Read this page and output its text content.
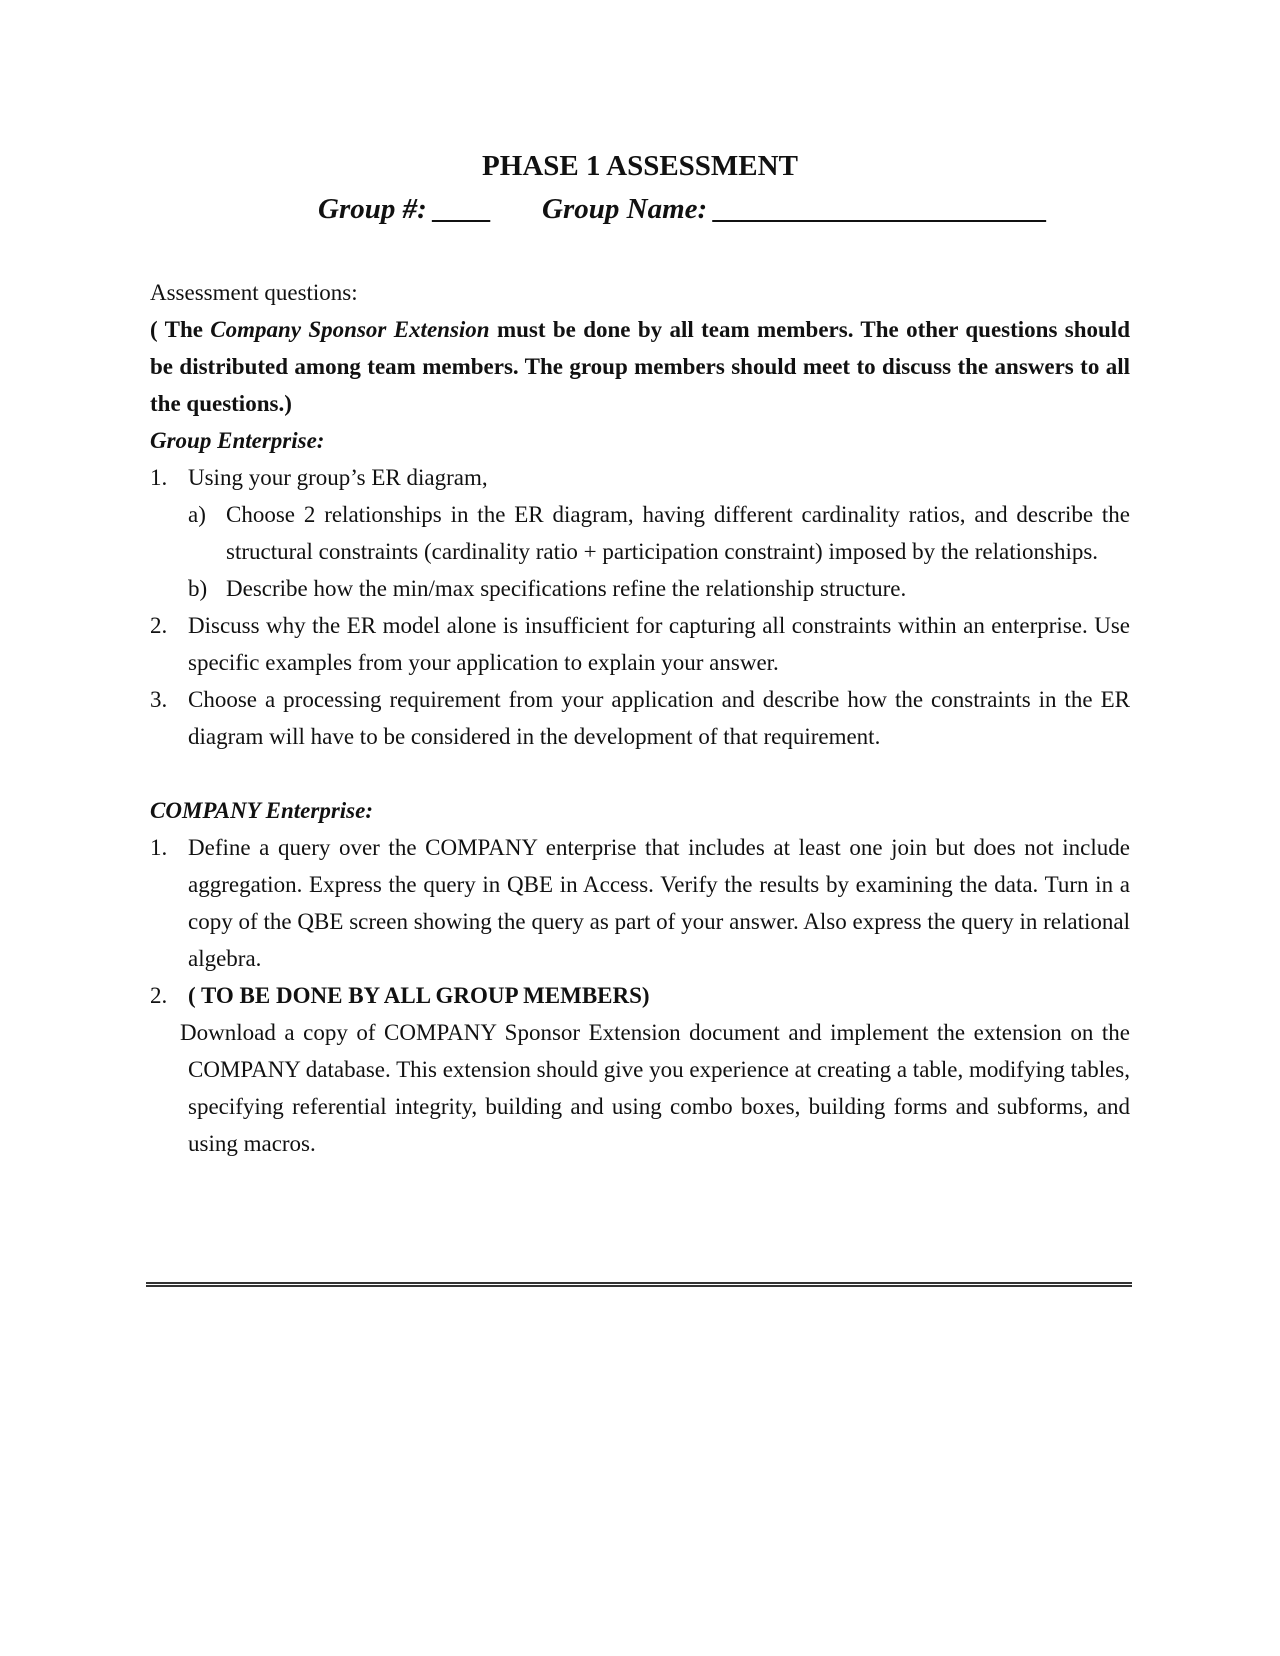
PHASE 1 ASSESSMENT
Group #: ____ Group Name: _______________________

Assessment questions:

( The Company Sponsor Extension must be done by all team members. The other questions should be distributed among team members. The group members should meet to discuss the answers to all the questions.)

Group Enterprise:

1. Using your group’s ER diagram,
a) Choose 2 relationships in the ER diagram, having different cardinality ratios, and describe the structural constraints (cardinality ratio + participation constraint) imposed by the relationships.
b) Describe how the min/max specifications refine the relationship structure.
2. Discuss why the ER model alone is insufficient for capturing all constraints within an enterprise. Use specific examples from your application to explain your answer.
3. Choose a processing requirement from your application and describe how the constraints in the ER diagram will have to be considered in the development of that requirement.

COMPANY Enterprise:

1. Define a query over the COMPANY enterprise that includes at least one join but does not include aggregation. Express the query in QBE in Access. Verify the results by examining the data. Turn in a copy of the QBE screen showing the query as part of your answer. Also express the query in relational algebra.
2. ( TO BE DONE BY ALL GROUP MEMBERS)

Download a copy of COMPANY Sponsor Extension document and implement the extension on the COMPANY database. This extension should give you experience at creating a table, modifying tables, specifying referential integrity, building and using combo boxes, building forms and subforms, and using macros.
